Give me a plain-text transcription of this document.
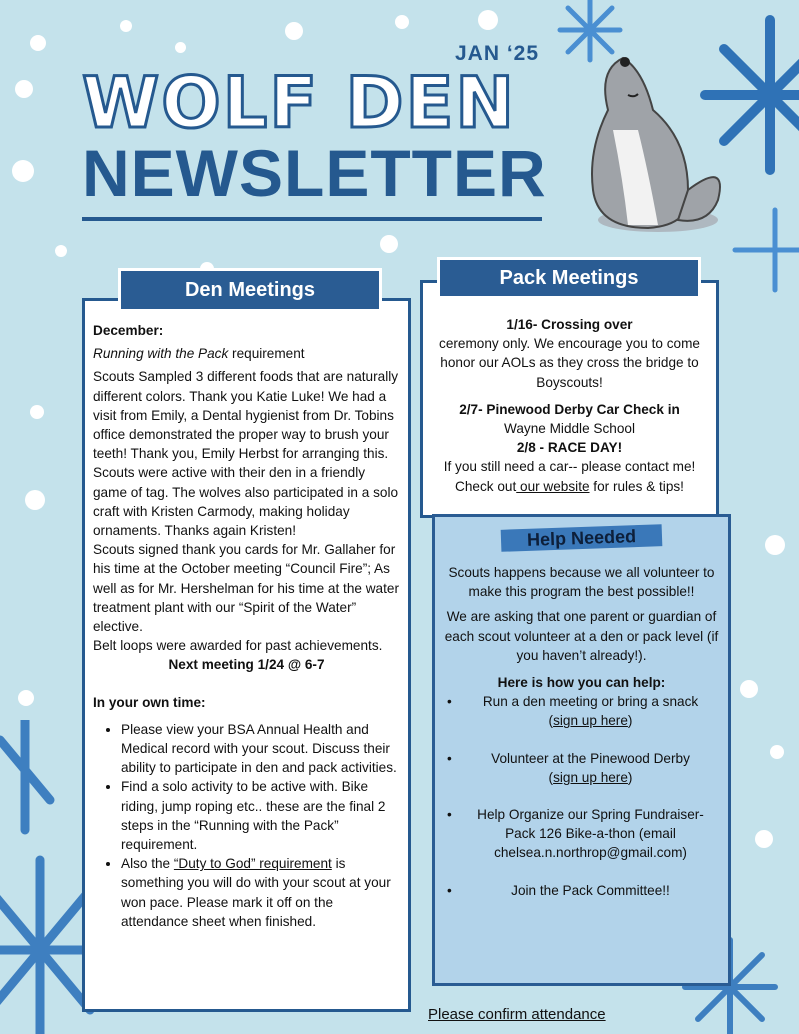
JAN ‘25
WOLF DEN
NEWSLETTER
Den Meetings

December:

Running with the Pack requirement

Scouts Sampled 3 different foods that are naturally different colors. Thank you Katie Luke! We had a visit from Emily, a Dental hygienist from Dr. Tobins office demonstrated the proper way to brush your teeth! Thank you, Emily Herbst for arranging this. Scouts were active with their den in a friendly game of tag. The wolves also participated in a solo craft with Kristen Carmody, making holiday ornaments. Thanks again Kristen!
Scouts signed thank you cards for Mr. Gallaher for his time at the October meeting “Council Fire”; As well as for Mr. Hershelman for his time at the water treatment plant with our “Spirit of the Water” elective.
Belt loops were awarded for past achievements.
Next meeting 1/24 @ 6-7

In your own time:

• Please view your BSA Annual Health and Medical record with your scout. Discuss their ability to participate in den and pack activities.
• Find a solo activity to be active with. Bike riding, jump roping etc.. these are the final 2 steps in the “Running with the Pack” requirement.
• Also the “Duty to God” requirement is something you will do with your scout at your won pace. Please mark it off on the attendance sheet when finished.
Pack Meetings
1/16- Crossing over

ceremony only. We encourage you to come honor our AOLs as they cross the bridge to Boyscouts!

2/7- Pinewood Derby Car Check in
Wayne Middle School
2/8 - RACE DAY!
If you still need a car-- please contact me!
Check out our website for rules & tips!
Help Needed

Scouts happens because we all volunteer to make this program the best possible!!

We are asking that one parent or guardian of each scout volunteer at a den or pack level (if you haven’t already!).

Here is how you can help:
• Run a den meeting or bring a snack
(sign up here)
• Volunteer at the Pinewood Derby
(sign up here)
• Help Organize our Spring Fundraiser- Pack 126 Bike-a-thon (email chelsea.n.northrop@gmail.com)
• Join the Pack Committee!!
Please confirm attendance
